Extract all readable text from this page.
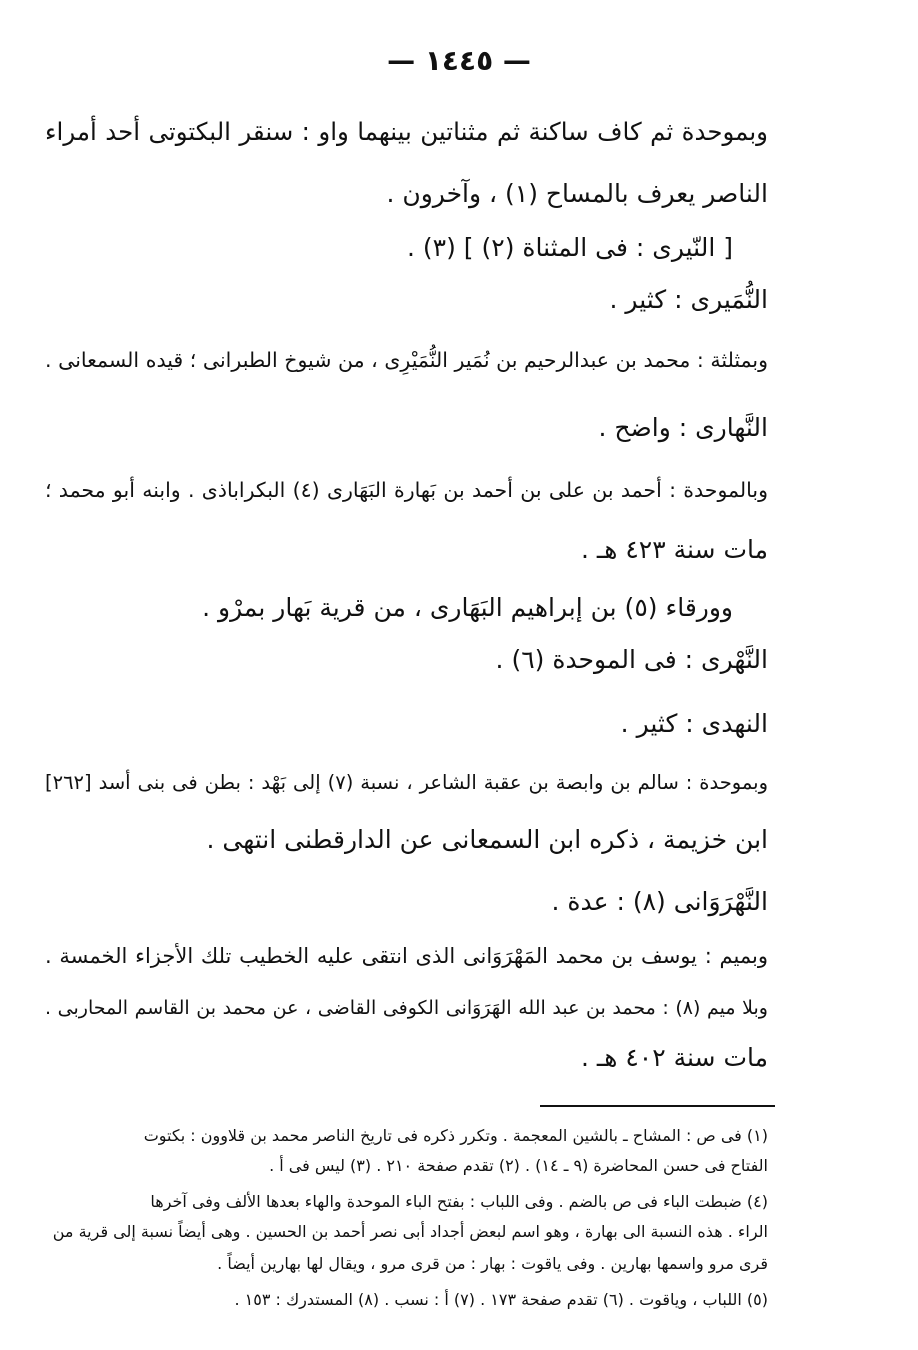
— ١٤٤٥ —
وبموحدة ثم كاف ساكنة ثم مثناتين بينهما واو : سنقر البكتوتى أحد أمراء
الناصر يعرف بالمساح (١) ، وآخرون .
[ النّيرى : فى المثناة (٢) ] (٣) .
النُّمَيرى : كثير .
وبمثلثة : محمد بن عبدالرحيم بن نُمَير النُّمَيْرِى ، من شيوخ الطبرانى ؛ قيده السمعانى .
النَّهارى : واضح .
وبالموحدة : أحمد بن على بن أحمد بن بَهارة البَهَارى (٤) البكراباذى . وابنه أبو محمد ؛
مات سنة ٤٢٣ هـ .
وورقاء (٥) بن إبراهيم البَهَارى ، من قرية بَهار بمرْو .
النَّهْرى : فى الموحدة (٦) .
النهدى : كثير .
وبموحدة : سالم بن وابصة بن عقبة الشاعر ، نسبة (٧) إلى بَهْد : بطن فى بنى أسد [٢٦٢]
ابن خزيمة ، ذكره ابن السمعانى عن الدارقطنى انتهى .
النَّهْرَوَانى (٨) : عدة .
وبميم : يوسف بن محمد المَهْرَوَانى الذى انتقى عليه الخطيب تلك الأجزاء الخمسة .
وبلا ميم (٨) : محمد بن عبد الله الهَرَوَانى الكوفى القاضى ، عن محمد بن القاسم المحاربى .
مات سنة ٤٠٢ هـ .
(١) فى ص : المشاح ـ بالشين المعجمة . وتكرر ذكره فى تاريخ الناصر محمد بن قلاوون : بكتوت
الفتاح فى حسن المحاضرة (٩ ـ ١٤) . (٢) تقدم صفحة ٢١٠ . (٣) ليس فى أ .
(٤) ضبطت الباء فى ص بالضم . وفى اللباب : بفتح الباء الموحدة والهاء بعدها الألف وفى آخرها
الراء . هذه النسبة الى بهارة ، وهو اسم لبعض أجداد أبى نصر أحمد بن الحسين . وهى أيضاً نسبة إلى قرية من
قرى مرو واسمها بهارين . وفى ياقوت : بهار : من قرى مرو ، ويقال لها بهارين أيضاً .
(٥) اللباب ، وياقوت . (٦) تقدم صفحة ١٧٣ . (٧) أ : نسب . (٨) المستدرك : ١٥٣ .
